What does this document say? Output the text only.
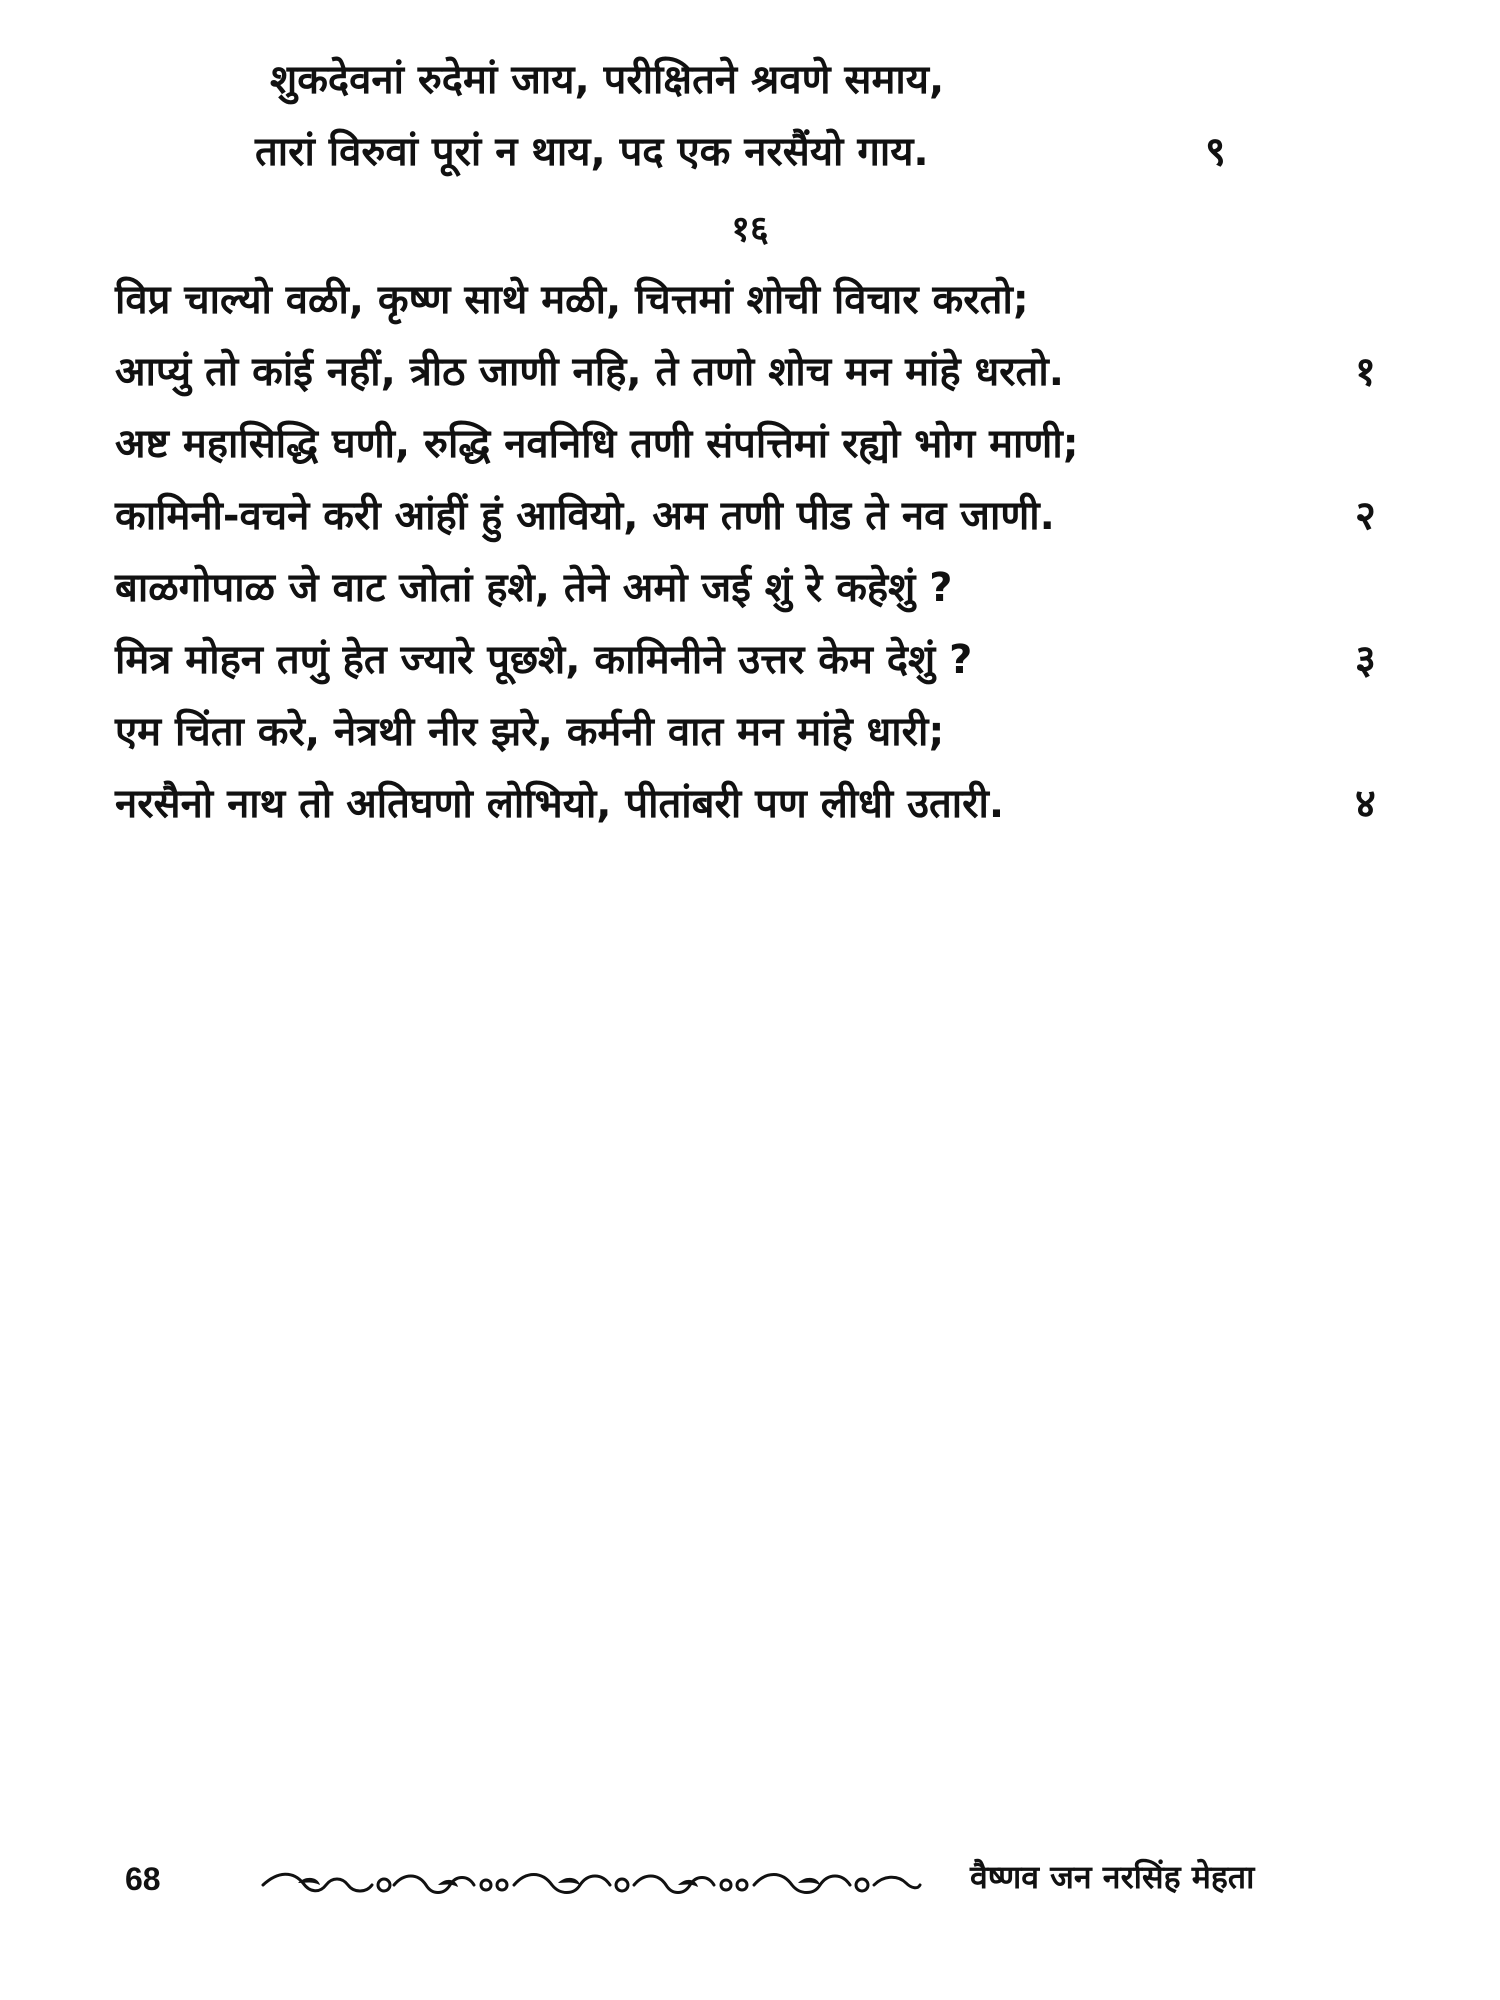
शुकदेवनां रुदेमां जाय, परीक्षितने श्रवणे समाय,
तारां विरुवां पूरां न थाय, पद एक नरसैंयो गाय.	९
१६
विप्र चाल्यो वळी, कृष्ण साथे मळी, चित्तमां शोची विचार करतो;
आप्युं तो कांई नहीं, त्रीठ जाणी नहि, ते तणो शोच मन मांहे धरतो.	१
अष्ट महासिद्धि घणी, रुद्धि नवनिधि तणी संपत्तिमां रह्यो भोग माणी;
कामिनी-वचने करी आंहीं हुं आवियो, अम तणी पीड ते नव जाणी.	२
बाळगोपाळ जे वाट जोतां हशे, तेने अमो जई शुं रे कहेशुं ?
मित्र मोहन तणुं हेत ज्यारे पूछशे, कामिनीने उत्तर केम देशुं ?	३
एम चिंता करे, नेत्रथी नीर झरे, कर्मनी वात मन मांहे धारी;
नरसैनो नाथ तो अतिघणो लोभियो, पीतांबरी पण लीधी उतारी.	४
68	वैष्णव जन नरसिंह मेहता
